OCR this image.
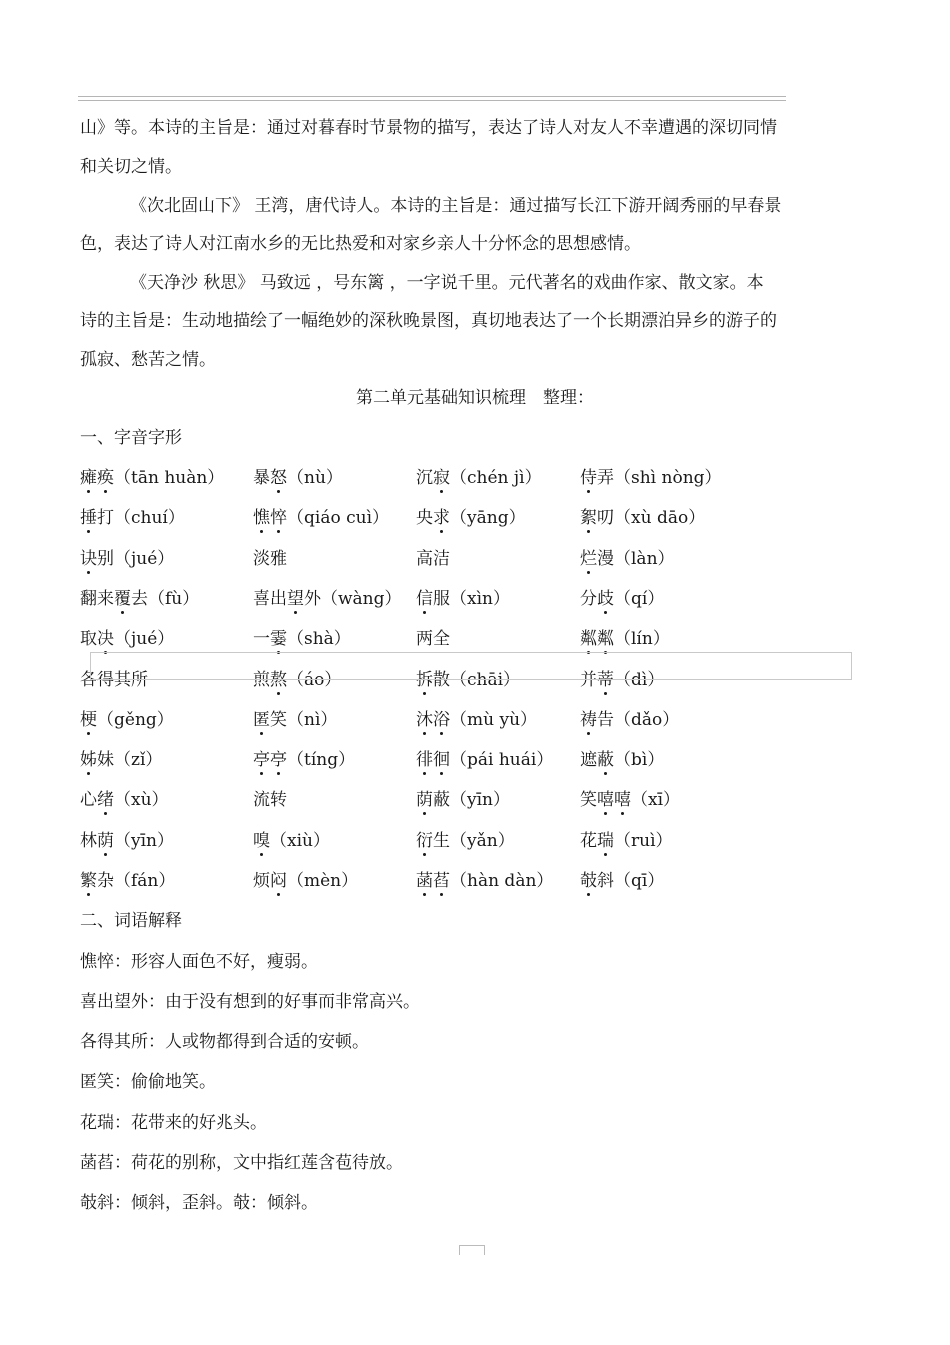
山》等。本诗的主旨是：通过对暮春时节景物的描写，表达了诗人对友人不幸遭遇的深切同情
和关切之情。
《次北固山下》 王湾，唐代诗人。本诗的主旨是：通过描写长江下游开阔秀丽的早春景
色，表达了诗人对江南水乡的无比热爱和对家乡亲人十分怀念的思想感情。
《天净沙 秋思》 马致远 ，号东篱 ，一字说千里。元代著名的戏曲作家、散文家。本
诗的主旨是：生动地描绘了一幅绝妙的深秋晚景图，真切地表达了一个长期漂泊异乡的游子的
孤寂、愁苦之情。
第二单元基础知识梳理　整理：
一、字音字形
瘫痪（tān huàn） 暴怒（nù）	沉寂（chén jì） 侍弄（shì nòng）
捶打（chuí）	憔悴（qiáo cuì） 央求（yāng）	絮叨（xù dāo）
诀别（jué）	淡雅	高洁	烂漫（làn）
翻来覆去（fù）	喜出望外（wàng） 信服（xìn）	分歧（qí）
取决（jué）	一霎（shà）	两全	粼粼（lín）
各得其所	煎熬（áo）	拆散（chāi）	并蒂（dì）
梗（gěng）	匿笑（nì）	沐浴（mù yù）	祷告（dǎo）
姊妹（zǐ）	亭亭（tíng）	徘徊（pái huái） 遮蔽（bì）
心绪（xù）	流转	荫蔽（yīn）	笑嘻嘻（xī）
林荫（yīn）	嗅（xiù）	衍生（yǎn）	花瑞（ruì）
繁杂（fán）	烦闷（mèn）	菡萏（hàn dàn） 攲斜（qī）
二、词语解释
憔悴：形容人面色不好，瘦弱。
喜出望外：由于没有想到的好事而非常高兴。
各得其所：人或物都得到合适的安顿。
匿笑：偷偷地笑。
花瑞：花带来的好兆头。
菡萏：荷花的别称，文中指红莲含苞待放。
攲斜：倾斜，歪斜。攲：倾斜。
